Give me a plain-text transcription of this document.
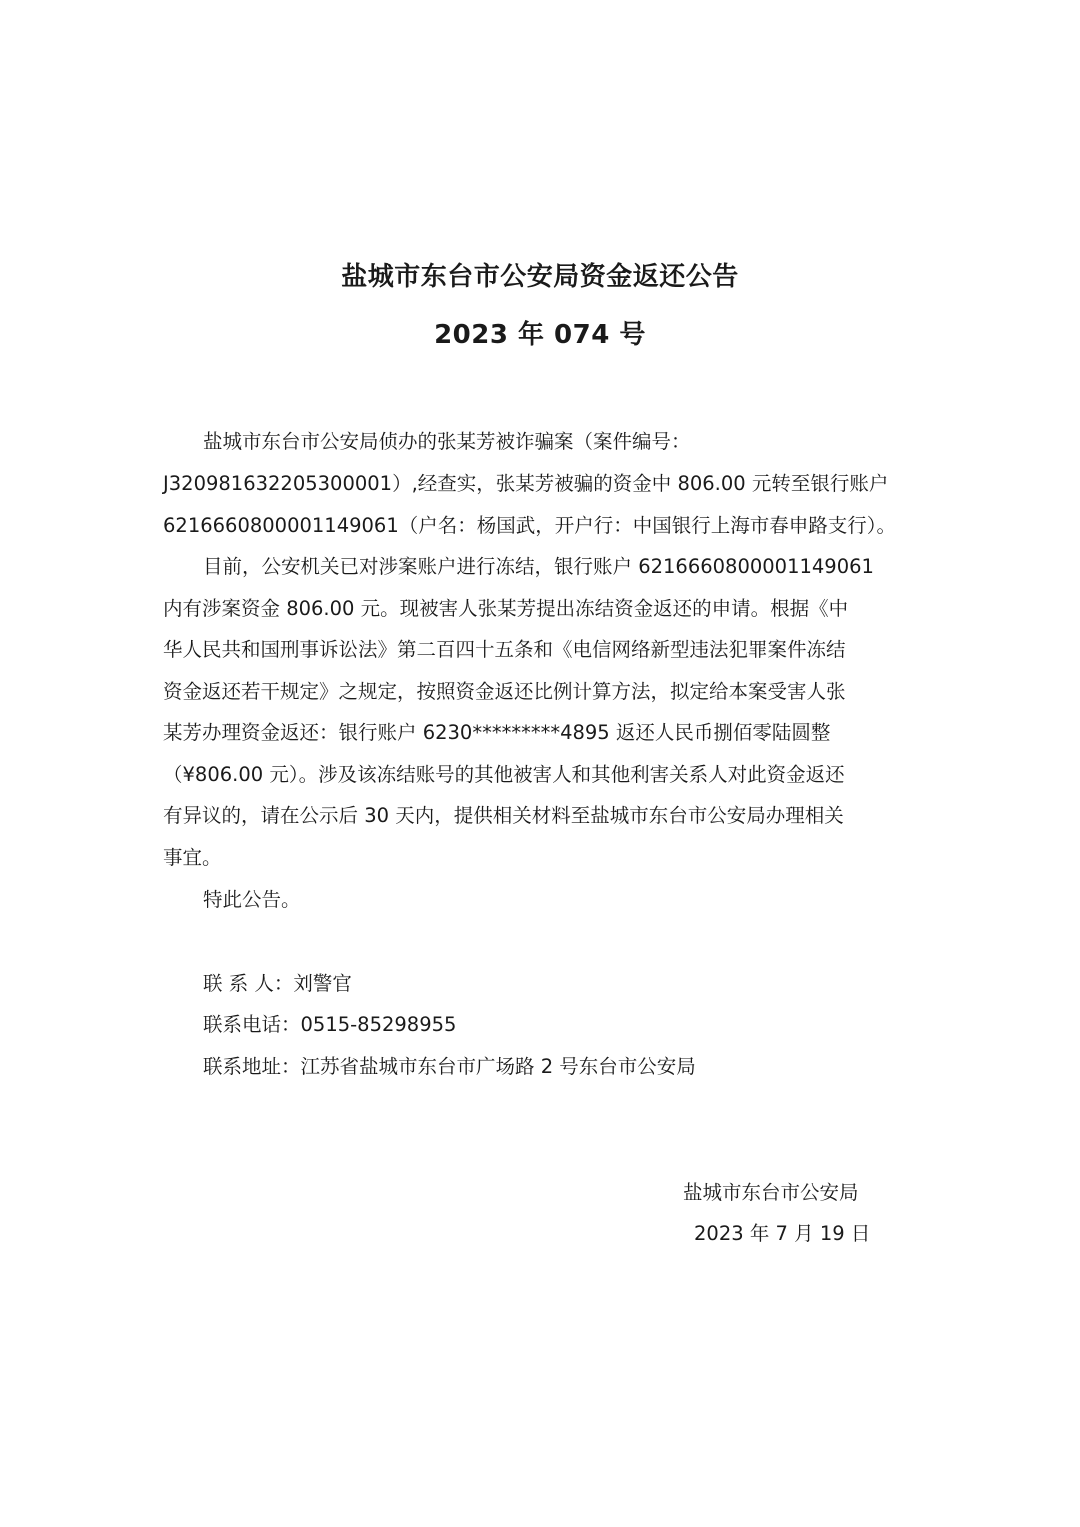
盐城市东台市公安局资金返还公告
2023 年 074 号
盐城市东台市公安局侦办的张某芳被诈骗案（案件编号：
J320981632205300001）,经查实，张某芳被骗的资金中 806.00 元转至银行账户
6216660800001149061（户名：杨国武，开户行：中国银行上海市春申路支行）。
目前，公安机关已对涉案账户进行冻结，银行账户 6216660800001149061
内有涉案资金 806.00 元。现被害人张某芳提出冻结资金返还的申请。根据《中
华人民共和国刑事诉讼法》第二百四十五条和《电信网络新型违法犯罪案件冻结
资金返还若干规定》之规定，按照资金返还比例计算方法，拟定给本案受害人张
某芳办理资金返还：银行账户 6230*********4895 返还人民币捌佰零陆圆整
（¥806.00 元）。涉及该冻结账号的其他被害人和其他利害关系人对此资金返还
有异议的，请在公示后 30 天内，提供相关材料至盐城市东台市公安局办理相关
事宜。
特此公告。
联 系 人：刘警官
联系电话：0515-85298955
联系地址：江苏省盐城市东台市广场路 2 号东台市公安局
盐城市东台市公安局
2023 年 7 月 19 日
